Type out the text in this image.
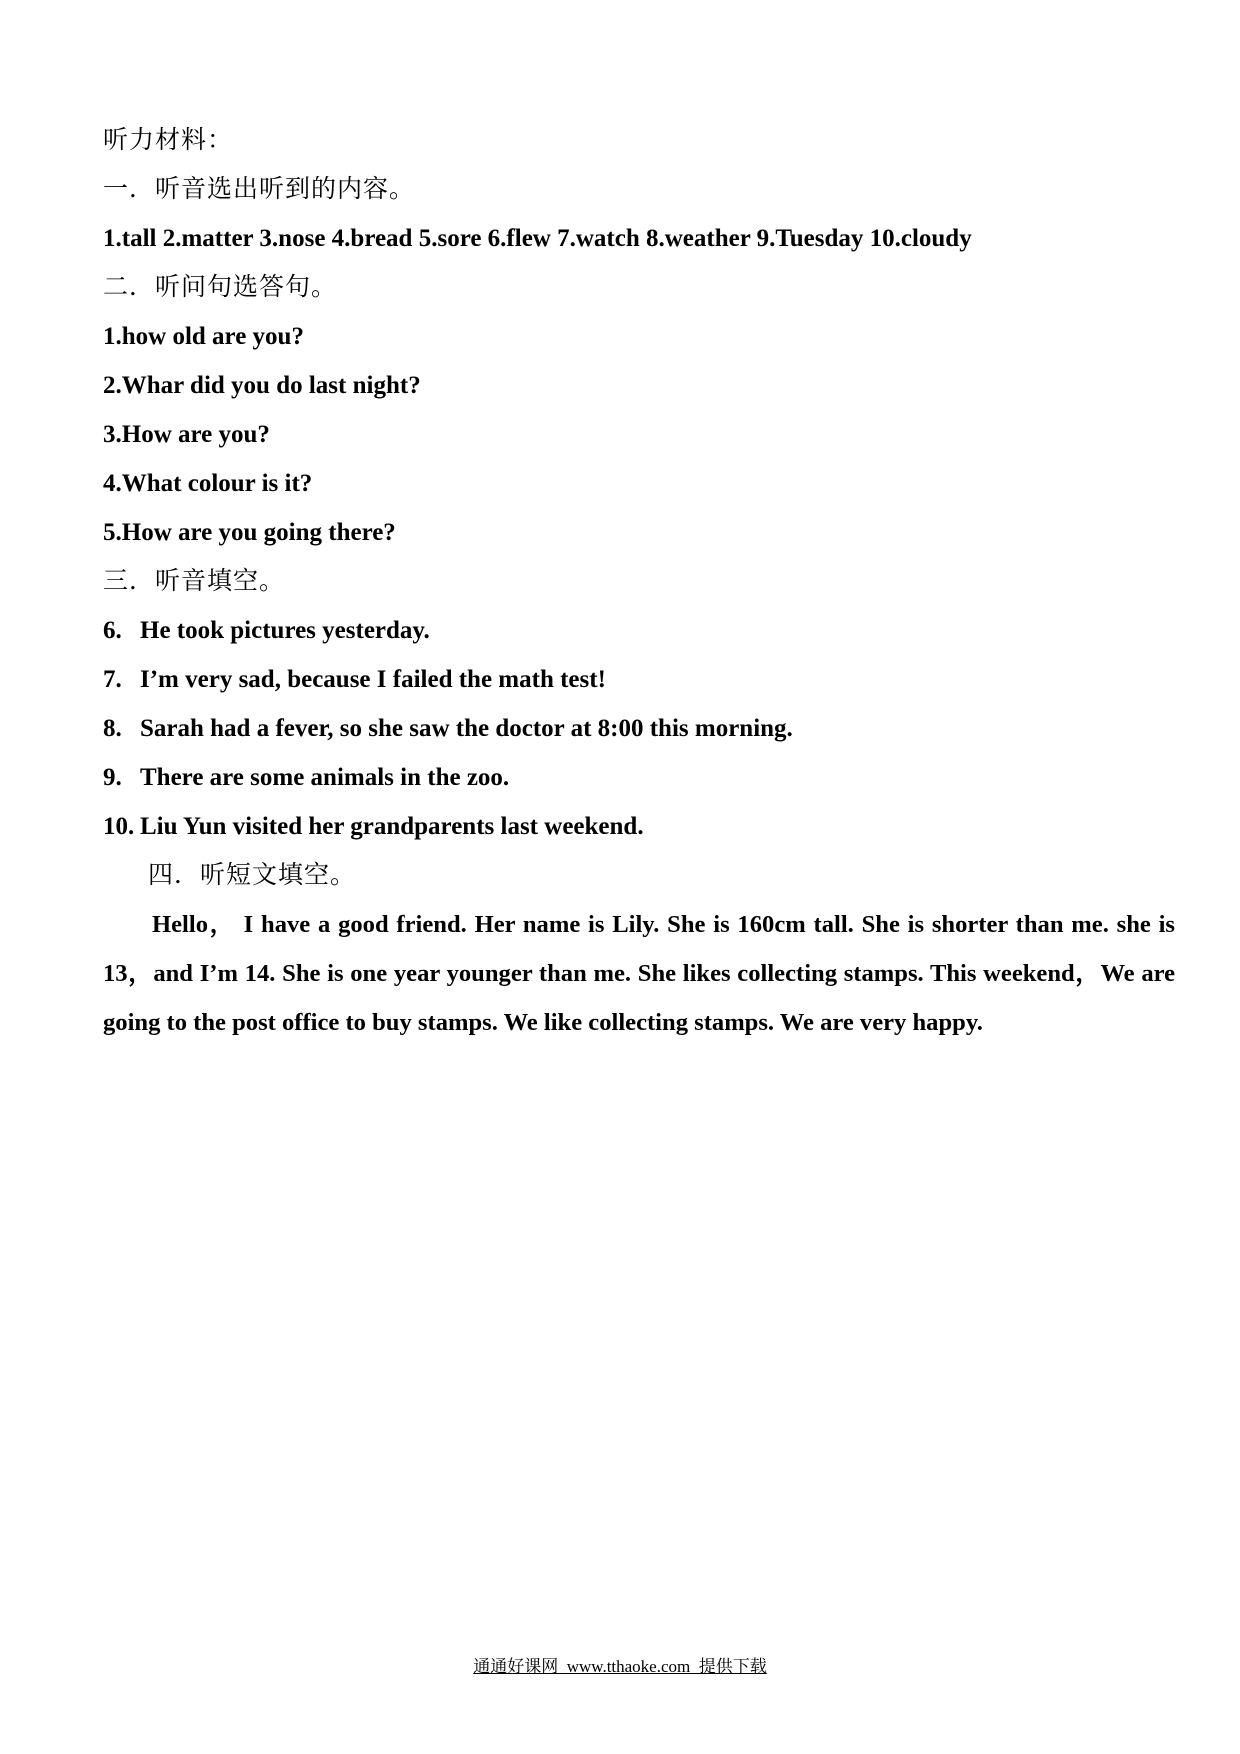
听力材料：
一．听音选出听到的内容。
1.tall 2.matter 3.nose 4.bread 5.sore 6.flew 7.watch 8.weather 9.Tuesday 10.cloudy
二．听问句选答句。
1.how old are you?
2.Whar did you do last night?
3.How are you?
4.What colour is it?
5.How are you going there?
三．听音填空。
6. He took pictures yesterday.
7. I’m very sad, because I failed the math test!
8. Sarah had a fever, so she saw the doctor at 8:00 this morning.
9. There are some animals in the zoo.
10. Liu Yun visited her grandparents last weekend.
四．听短文填空。
Hello， I have a good friend. Her name is Lily. She is 160cm tall. She is shorter than me. she is
13，and I’m 14. She is one year younger than me. She likes collecting stamps. This weekend，We are
going to the post office to buy stamps. We like collecting stamps. We are very happy.
通通好课网  www.tthaoke.com  提供下载
